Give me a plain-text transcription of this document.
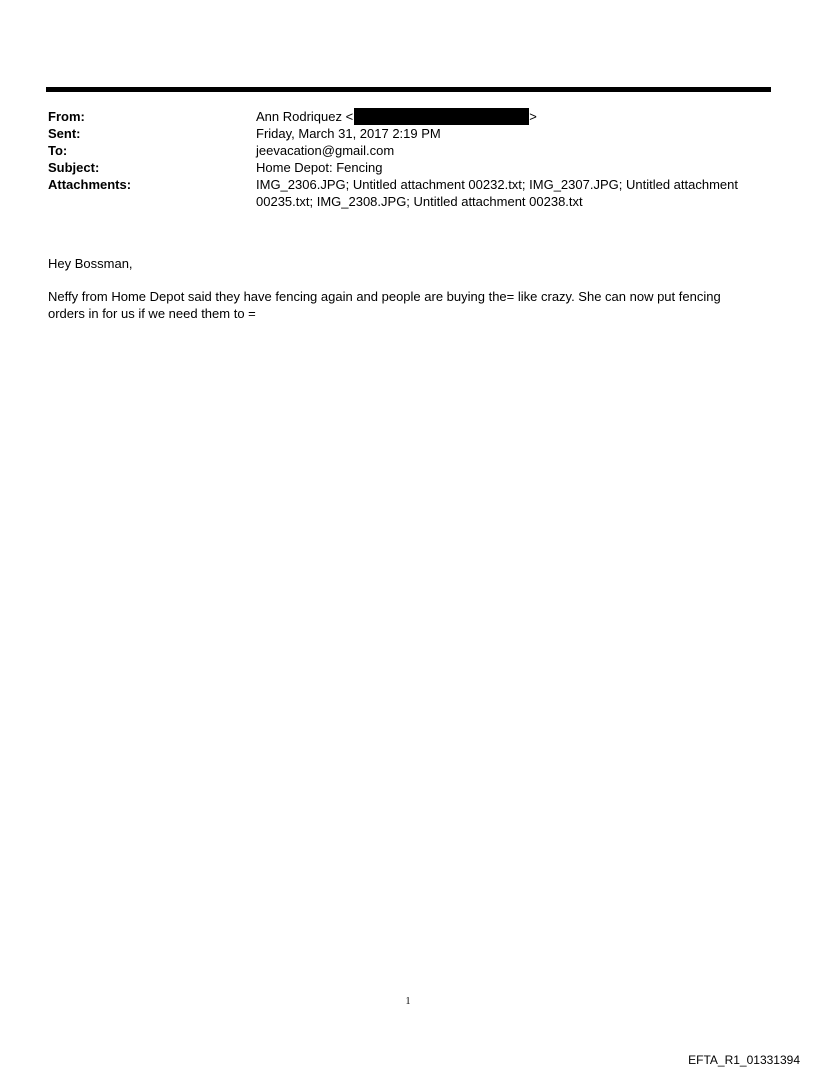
From:	Ann Rodriquez <	>
Sent:	Friday, March 31, 2017 2:19 PM
To:	jeevacation@gmail.com
Subject:	Home Depot: Fencing
Attachments:	IMG_2306.JPG; Untitled attachment 00232.txt; IMG_2307.JPG; Untitled attachment 00235.txt; IMG_2308.JPG; Untitled attachment 00238.txt
Hey Bossman,
Neffy from Home Depot said they have fencing again and people are buying the= like crazy. She can now put fencing orders in for us if we need them to =
1
EFTA_R1_01331394
